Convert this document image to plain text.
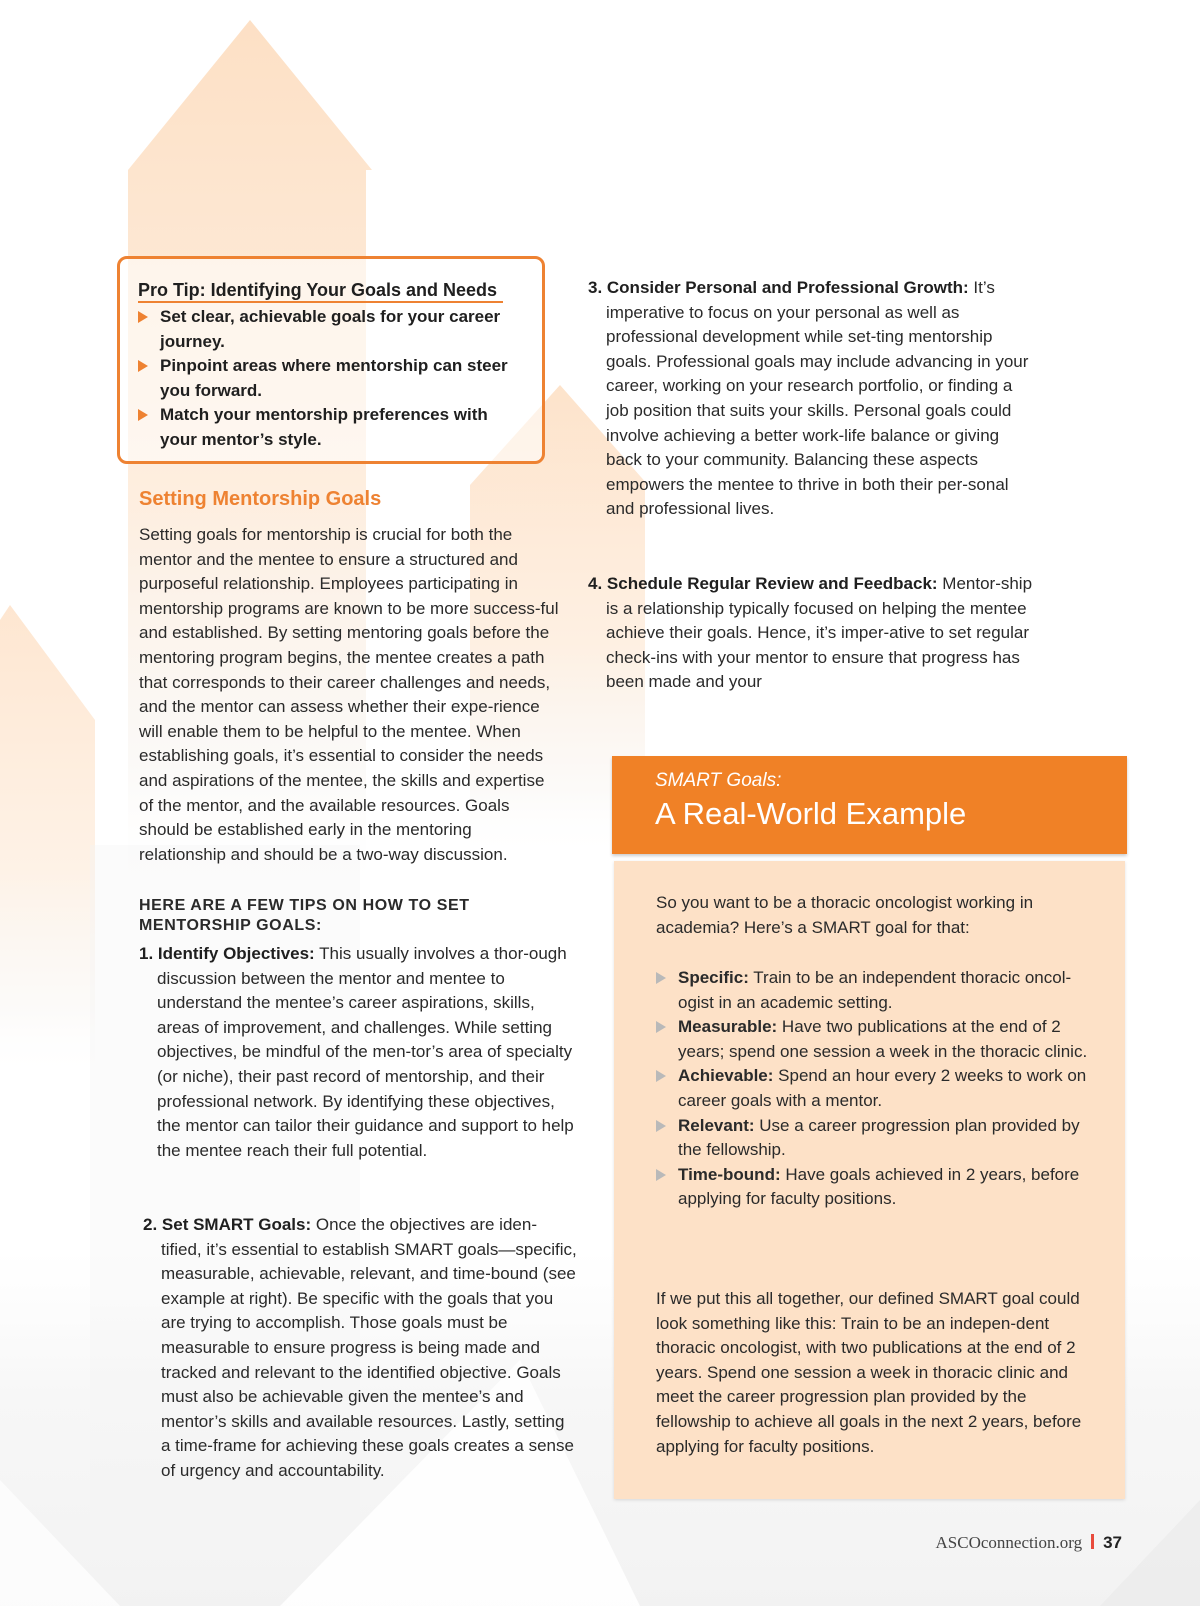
Pro Tip: Identifying Your Goals and Needs
Set clear, achievable goals for your career journey.
Pinpoint areas where mentorship can steer you forward.
Match your mentorship preferences with your mentor’s style.
Setting Mentorship Goals

Setting goals for mentorship is crucial for both the mentor and the mentee to ensure a structured and purposeful relationship. Employees participating in mentorship programs are known to be more success-ful and established. By setting mentoring goals before the mentoring program begins, the mentee creates a path that corresponds to their career challenges and needs, and the mentor can assess whether their expe-rience will enable them to be helpful to the mentee. When establishing goals, it’s essential to consider the needs and aspirations of the mentee, the skills and expertise of the mentor, and the available resources. Goals should be established early in the mentoring relationship and should be a two-way discussion.

HERE ARE A FEW TIPS ON HOW TO SET MENTORSHIP GOALS:
1. Identify Objectives: This usually involves a thor-ough discussion between the mentor and mentee to understand the mentee’s career aspirations, skills, areas of improvement, and challenges. While setting objectives, be mindful of the men-tor’s area of specialty (or niche), their past record of mentorship, and their professional network. By identifying these objectives, the mentor can tailor their guidance and support to help the mentee reach their full potential.
2. Set SMART Goals: Once the objectives are iden-tified, it’s essential to establish SMART goals—specific, measurable, achievable, relevant, and time-bound (see example at right). Be specific with the goals that you are trying to accomplish. Those goals must be measurable to ensure progress is being made and tracked and relevant to the identified objective. Goals must also be achievable given the mentee’s and mentor’s skills and available resources. Lastly, setting a time-frame for achieving these goals creates a sense of urgency and accountability.
3. Consider Personal and Professional Growth: It’s imperative to focus on your personal as well as professional development while set-ting mentorship goals. Professional goals may include advancing in your career, working on your research portfolio, or finding a job position that suits your skills. Personal goals could involve achieving a better work-life balance or giving back to your community. Balancing these aspects empowers the mentee to thrive in both their per-sonal and professional lives.
4. Schedule Regular Review and Feedback: Mentor-ship is a relationship typically focused on helping the mentee achieve their goals. Hence, it’s imper-ative to set regular check-ins with your mentor to ensure that progress has been made and your
SMART Goals:
A Real-World Example
So you want to be a thoracic oncologist working in academia? Here’s a SMART goal for that:
Specific: Train to be an independent thoracic oncol-ogist in an academic setting.
Measurable: Have two publications at the end of 2 years; spend one session a week in the thoracic clinic.
Achievable: Spend an hour every 2 weeks to work on career goals with a mentor.
Relevant: Use a career progression plan provided by the fellowship.
Time-bound: Have goals achieved in 2 years, before applying for faculty positions.
If we put this all together, our defined SMART goal could look something like this: Train to be an indepen-dent thoracic oncologist, with two publications at the end of 2 years. Spend one session a week in thoracic clinic and meet the career progression plan provided by the fellowship to achieve all goals in the next 2 years, before applying for faculty positions.
ASCOconnection.org 37
